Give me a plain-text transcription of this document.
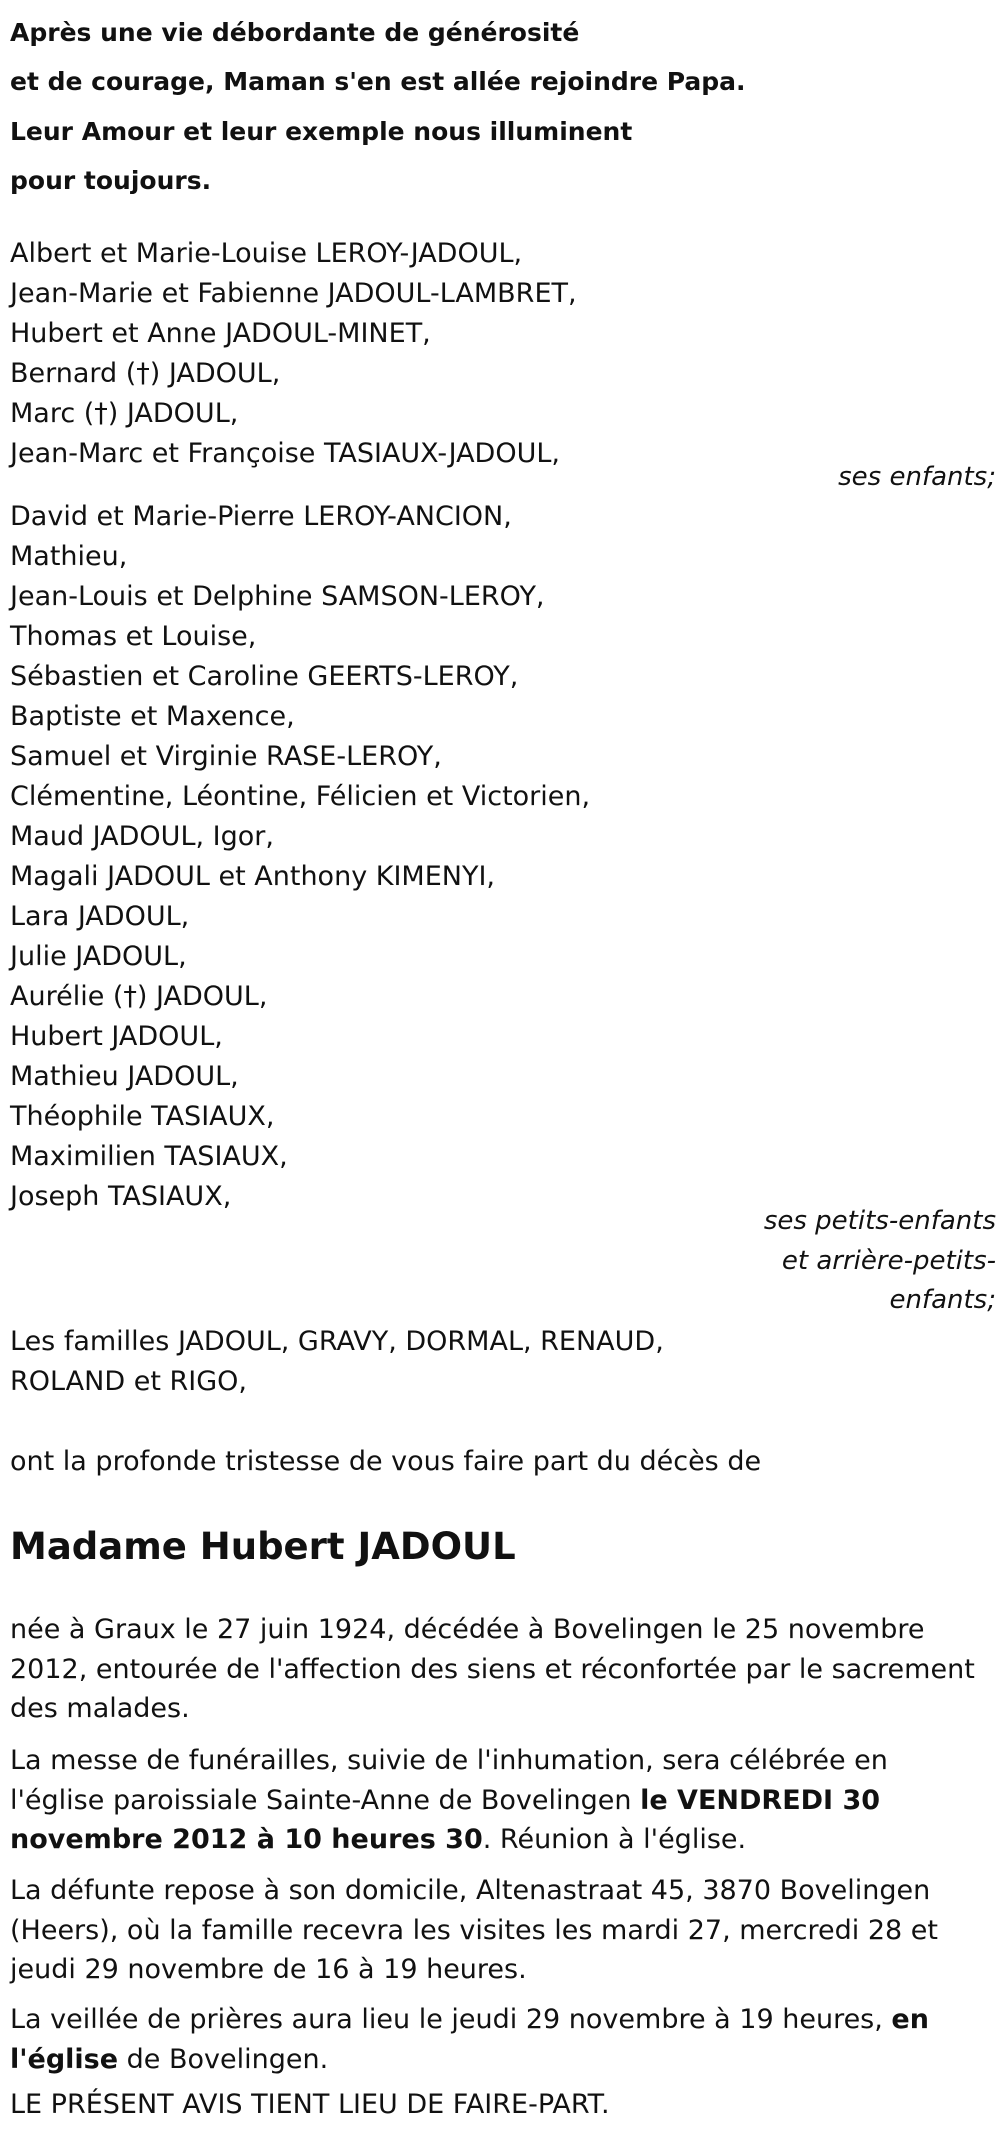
Après une vie débordante de générosité
et de courage, Maman s'en est allée rejoindre Papa.
Leur Amour et leur exemple nous illuminent
pour toujours.
Albert et Marie-Louise LEROY-JADOUL,
Jean-Marie et Fabienne JADOUL-LAMBRET,
Hubert et Anne JADOUL-MINET,
Bernard (†) JADOUL,
Marc (†) JADOUL,
Jean-Marc et Françoise TASIAUX-JADOUL,
ses enfants;
David et Marie-Pierre LEROY-ANCION,
Mathieu,
Jean-Louis et Delphine SAMSON-LEROY,
Thomas et Louise,
Sébastien et Caroline GEERTS-LEROY,
Baptiste et Maxence,
Samuel et Virginie RASE-LEROY,
Clémentine, Léontine, Félicien et Victorien,
Maud JADOUL, Igor,
Magali JADOUL et Anthony KIMENYI,
Lara JADOUL,
Julie JADOUL,
Aurélie (†) JADOUL,
Hubert JADOUL,
Mathieu JADOUL,
Théophile TASIAUX,
Maximilien TASIAUX,
Joseph TASIAUX,
ses petits-enfants
et arrière-petits-
enfants;
Les familles JADOUL, GRAVY, DORMAL, RENAUD, ROLAND et RIGO,
ont la profonde tristesse de vous faire part du décès de
Madame Hubert JADOUL
née à Graux le 27 juin 1924, décédée à Bovelingen le 25 novembre 2012, entourée de l'affection des siens et réconfortée par le sacrement des malades.
La messe de funérailles, suivie de l'inhumation, sera célébrée en l'église paroissiale Sainte-Anne de Bovelingen le VENDREDI 30 novembre 2012 à 10 heures 30. Réunion à l'église.
La défunte repose à son domicile, Altenastraat 45, 3870 Bovelingen (Heers), où la famille recevra les visites les mardi 27, mercredi 28 et jeudi 29 novembre de 16 à 19 heures.
La veillée de prières aura lieu le jeudi 29 novembre à 19 heures, en l'église de Bovelingen.
LE PRÉSENT AVIS TIENT LIEU DE FAIRE-PART.
